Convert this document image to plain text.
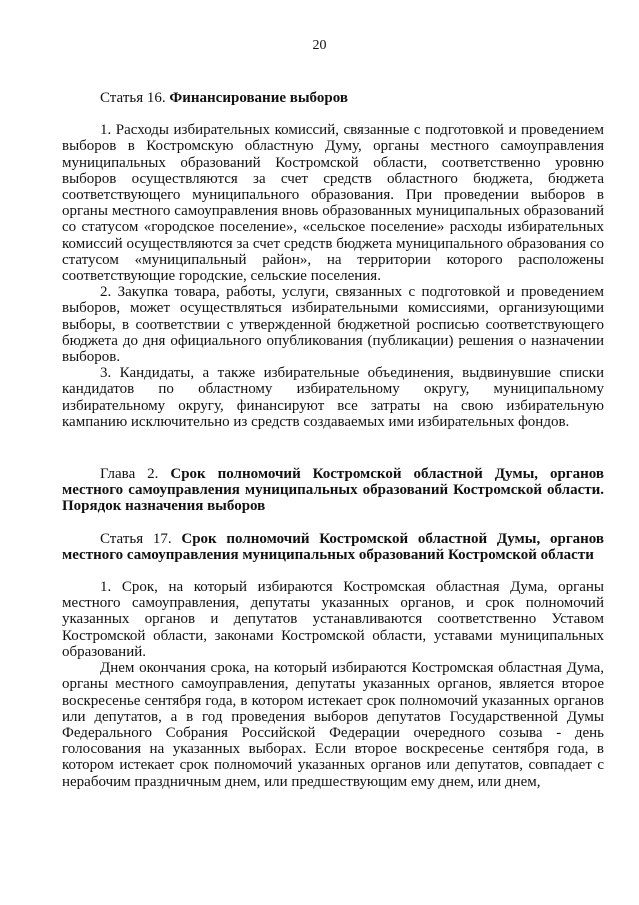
20
Статья 16. Финансирование выборов

1. Расходы избирательных комиссий, связанные с подготовкой и проведением выборов в Костромскую областную Думу, органы местного самоуправления муниципальных образований Костромской области, соответственно уровню выборов осуществляются за счет средств областного бюджета, бюджета соответствующего муниципального образования. При проведении выборов в органы местного самоуправления вновь образованных муниципальных образований со статусом «городское поселение», «сельское поселение» расходы избирательных комиссий осуществляются за счет средств бюджета муниципального образования со статусом «муниципальный район», на территории которого расположены соответствующие городские, сельские поселения.

2. Закупка товара, работы, услуги, связанных с подготовкой и проведением выборов, может осуществляться избирательными комиссиями, организующими выборы, в соответствии с утвержденной бюджетной росписью соответствующего бюджета до дня официального опубликования (публикации) решения о назначении выборов.

3. Кандидаты, а также избирательные объединения, выдвинувшие списки кандидатов по областному избирательному округу, муниципальному избирательному округу, финансируют все затраты на свою избирательную кампанию исключительно из средств создаваемых ими избирательных фондов.

Глава 2. Срок полномочий Костромской областной Думы, органов местного самоуправления муниципальных образований Костромской области. Порядок назначения выборов
Статья 17. Срок полномочий Костромской областной Думы, органов местного самоуправления муниципальных образований Костромской области

1. Срок, на который избираются Костромская областная Дума, органы местного самоуправления, депутаты указанных органов, и срок полномочий указанных органов и депутатов устанавливаются соответственно Уставом Костромской области, законами Костромской области, уставами муниципальных образований.

Днем окончания срока, на который избираются Костромская областная Дума, органы местного самоуправления, депутаты указанных органов, является второе воскресенье сентября года, в котором истекает срок полномочий указанных органов или депутатов, а в год проведения выборов депутатов Государственной Думы Федерального Собрания Российской Федерации очередного созыва - день голосования на указанных выборах. Если второе воскресенье сентября года, в котором истекает срок полномочий указанных органов или депутатов, совпадает с нерабочим праздничным днем, или предшествующим ему днем, или днем,
